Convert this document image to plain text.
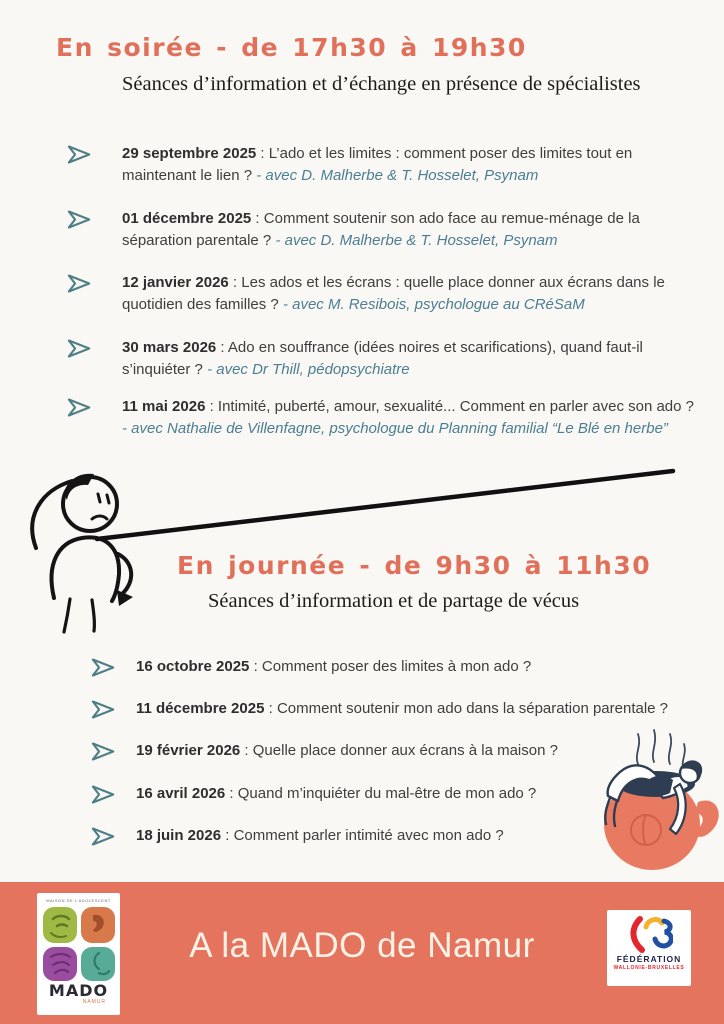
En soirée - de 17h30 à 19h30
Séances d’information et d’échange en présence de spécialistes

29 septembre 2025 : L’ado et les limites : comment poser des limites tout en maintenant le lien ? - avec D. Malherbe & T. Hosselet, Psynam

01 décembre 2025 : Comment soutenir son ado face au remue-ménage de la séparation parentale ? - avec D. Malherbe & T. Hosselet, Psynam

12 janvier 2026 : Les ados et les écrans : quelle place donner aux écrans dans le quotidien des familles ? - avec M. Resibois, psychologue au CRéSaM

30 mars 2026 : Ado en souffrance (idées noires et scarifications), quand faut-il s’inquiéter ? - avec Dr Thill, pédopsychiatre

11 mai 2026 : Intimité, puberté, amour, sexualité... Comment en parler avec son ado ? - avec Nathalie de Villenfagne, psychologue du Planning familial “Le Blé en herbe”

En journée - de 9h30 à 11h30
Séances d’information et de partage de vécus

16 octobre 2025 : Comment poser des limites à mon ado ?

11 décembre 2025 : Comment soutenir mon ado dans la séparation parentale ?

19 février 2026 : Quelle place donner aux écrans à la maison ?

16 avril 2026 : Quand m’inquiéter du mal-être de mon ado ?

18 juin 2026 : Comment parler intimité avec mon ado ?

A la MADO de Namur
MAISON DE L’ADOLESCENT
MADO
NAMUR
FÉDÉRATION
WALLONIE-BRUXELLES
